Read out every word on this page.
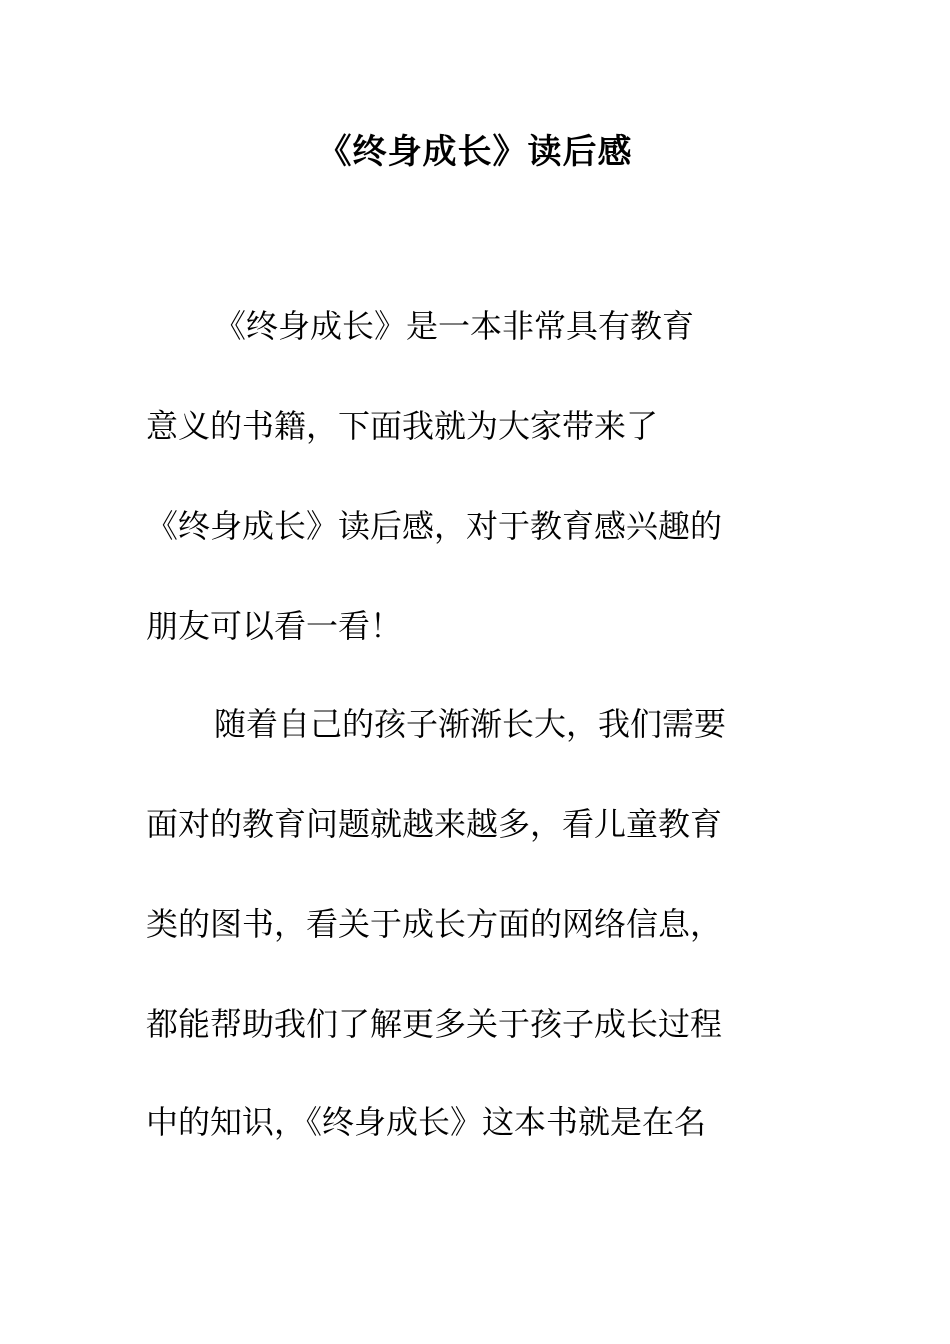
《终身成长》读后感

《终身成长》是一本非常具有教育

意义的书籍，下面我就为大家带来了

《终身成长》读后感，对于教育感兴趣的

朋友可以看一看！

随着自己的孩子渐渐长大，我们需要

面对的教育问题就越来越多，看儿童教育

类的图书，看关于成长方面的网络信息，

都能帮助我们了解更多关于孩子成长过程

中的知识，《终身成长》这本书就是在名
